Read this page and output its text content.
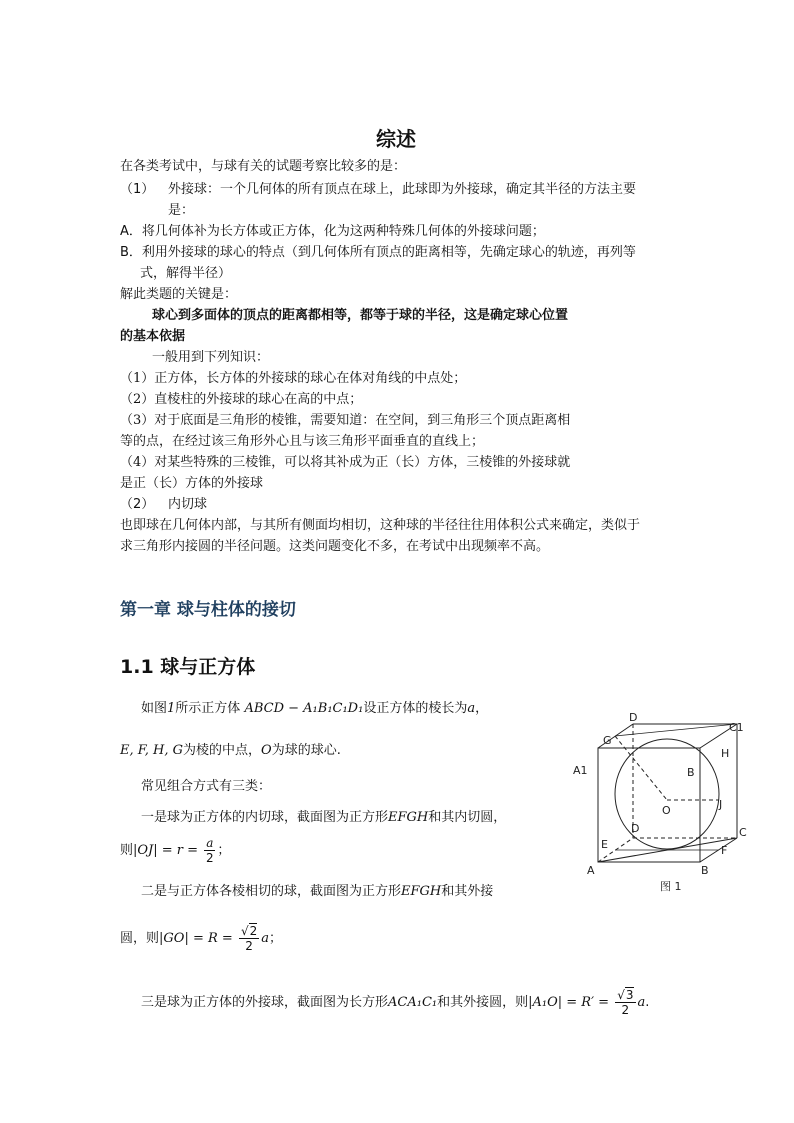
综述
在各类考试中，与球有关的试题考察比较多的是：
（1） 外接球：一个几何体的所有顶点在球上，此球即为外接球，确定其半径的方法主要
是：
A．将几何体补为长方体或正方体，化为这两种特殊几何体的外接球问题；
B．利用外接球的球心的特点（到几何体所有顶点的距离相等，先确定球心的轨迹，再列等
式，解得半径）
解此类题的关键是：
球心到多面体的顶点的距离都相等，都等于球的半径，这是确定球心位置
的基本依据
一般用到下列知识：
（1）正方体，长方体的外接球的球心在体对角线的中点处；
（2）直棱柱的外接球的球心在高的中点；
（3）对于底面是三角形的棱锥，需要知道：在空间，到三角形三个顶点距离相
等的点，在经过该三角形外心且与该三角形平面垂直的直线上；
（4）对某些特殊的三棱锥，可以将其补成为正（长）方体，三棱锥的外接球就
是正（长）方体的外接球
（2） 内切球
也即球在几何体内部，与其所有侧面均相切，这种球的半径往往用体积公式来确定，类似于
求三角形内接圆的半径问题。这类问题变化不多，在考试中出现频率不高。
第一章 球与柱体的接切
1.1 球与正方体
如图1所示正方体 ABCD − A₁B₁C₁D₁设正方体的棱长为a，
E, F, H, G为棱的中点，O为球的球心.
常见组合方式有三类：
一是球为正方体的内切球，截面图为正方形EFGH和其内切圆，
则$|OJ| = r = \frac{a}{2}$ ；
二是与正方体各棱相切的球，截面图为正方形EFGH和其外接
圆，则$|GO| = R = \frac{√2}{2}$ a；
三是球为正方体的外接球，截面图为长方形ACA₁C₁和其外接圆，则$|A_1O| = R' = \frac{√3}{2} a$.
D
C1
G
H
A1	B
O	J
D	C
E	F
A	B
图 1
